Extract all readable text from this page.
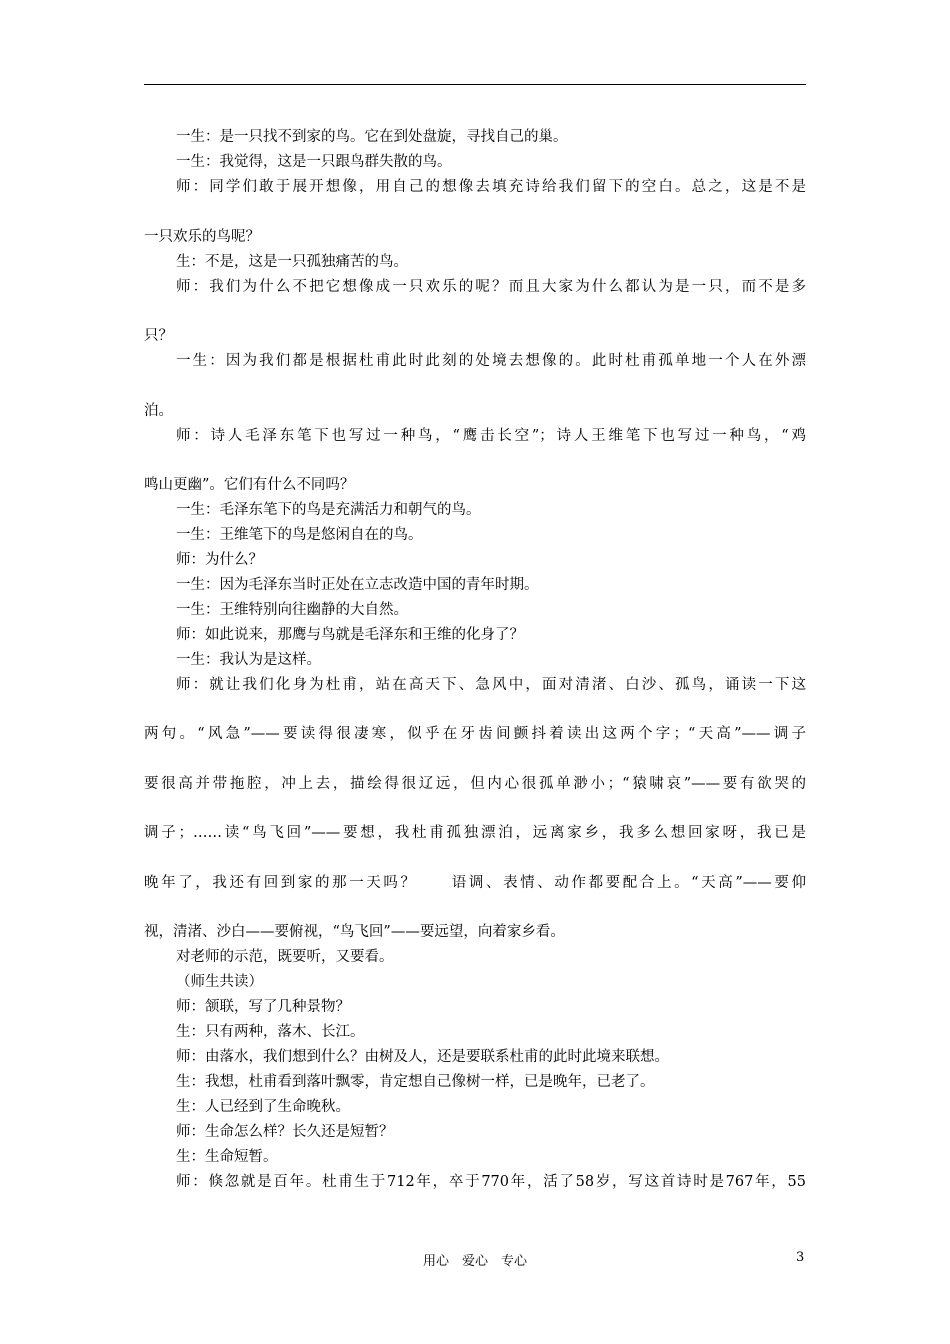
一生：是一只找不到家的鸟。它在到处盘旋，寻找自己的巢。
一生：我觉得，这是一只跟鸟群失散的鸟。
师：同学们敢于展开想像，用自己的想像去填充诗给我们留下的空白。总之，这是不是
一只欢乐的鸟呢？
生：不是，这是一只孤独痛苦的鸟。
师：我们为什么不把它想像成一只欢乐的呢？而且大家为什么都认为是一只，而不是多
只？
一生：因为我们都是根据杜甫此时此刻的处境去想像的。此时杜甫孤单地一个人在外漂
泊。
师：诗人毛泽东笔下也写过一种鸟，“鹰击长空”；诗人王维笔下也写过一种鸟，“鸡
鸣山更幽”。它们有什么不同吗？
一生：毛泽东笔下的鸟是充满活力和朝气的鸟。
一生：王维笔下的鸟是悠闲自在的鸟。
师：为什么？
一生：因为毛泽东当时正处在立志改造中国的青年时期。
一生：王维特别向往幽静的大自然。
师：如此说来，那鹰与鸟就是毛泽东和王维的化身了？
一生：我认为是这样。
师：就让我们化身为杜甫，站在高天下、急风中，面对清渚、白沙、孤鸟，诵读一下这
两句。“风急”——要读得很凄寒，似乎在牙齿间颤抖着读出这两个字；“天高”——调子
要很高并带拖腔，冲上去，描绘得很辽远，但内心很孤单渺小；“猿啸哀”——要有欲哭的
调子；……读“鸟飞回”——要想，我杜甫孤独漂泊，远离家乡，我多么想回家呀，我已是
晚年了，我还有回到家的那一天吗？　　语调、表情、动作都要配合上。“天高”——要仰
视，清渚、沙白——要俯视，“鸟飞回”——要远望，向着家乡看。
对老师的示范，既要听，又要看。
（师生共读）
师：颔联，写了几种景物？
生：只有两种，落木、长江。
师：由落水，我们想到什么？由树及人，还是要联系杜甫的此时此境来联想。
生：我想，杜甫看到落叶飘零，肯定想自己像树一样，已是晚年，已老了。
生：人已经到了生命晚秋。
师：生命怎么样？长久还是短暂？
生：生命短暂。
师：倏忽就是百年。杜甫生于712年，卒于770年，活了58岁，写这首诗时是767年，55
用心　爱心　专心	3
